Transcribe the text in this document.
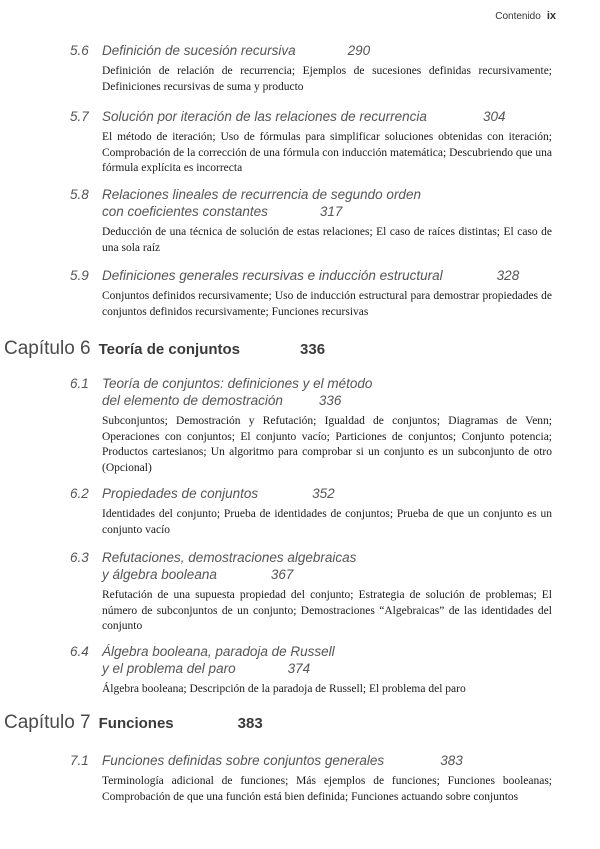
Contenido ix
5.6 Definición de sucesión recursiva	290
Definición de relación de recurrencia; Ejemplos de sucesiones definidas recursivamente; Definiciones recursivas de suma y producto
5.7 Solución por iteración de las relaciones de recurrencia	304
El método de iteración; Uso de fórmulas para simplificar soluciones obtenidas con iteración; Comprobación de la corrección de una fórmula con inducción matemática; Descubriendo que una fórmula explícita es incorrecta
5.8 Relaciones lineales de recurrencia de segundo orden
con coeficientes constantes	317
Deducción de una técnica de solución de estas relaciones; El caso de raíces distintas; El caso de una sola raíz
5.9 Definiciones generales recursivas e inducción estructural	328
Conjuntos definidos recursivamente; Uso de inducción estructural para demostrar propiedades de conjuntos definidos recursivamente; Funciones recursivas
Capítulo 6 Teoría de conjuntos	336
6.1 Teoría de conjuntos: definiciones y el método
del elemento de demostración	336
Subconjuntos; Demostración y Refutación; Igualdad de conjuntos; Diagramas de Venn; Operaciones con conjuntos; El conjunto vacío; Particiones de conjuntos; Conjunto potencia; Productos cartesianos; Un algoritmo para comprobar si un conjunto es un subconjunto de otro (Opcional)
6.2 Propiedades de conjuntos	352
Identidades del conjunto; Prueba de identidades de conjuntos; Prueba de que un conjunto es un conjunto vacío
6.3 Refutaciones, demostraciones algebraicas
y álgebra booleana	367
Refutación de una supuesta propiedad del conjunto; Estrategia de solución de problemas; El número de subconjuntos de un conjunto; Demostraciones “Algebraicas” de las identidades del conjunto
6.4 Álgebra booleana, paradoja de Russell
y el problema del paro	374
Álgebra booleana; Descripción de la paradoja de Russell; El problema del paro
Capítulo 7 Funciones	383
7.1 Funciones definidas sobre conjuntos generales	383
Terminología adicional de funciones; Más ejemplos de funciones; Funciones booleanas; Comprobación de que una función está bien definida; Funciones actuando sobre conjuntos
